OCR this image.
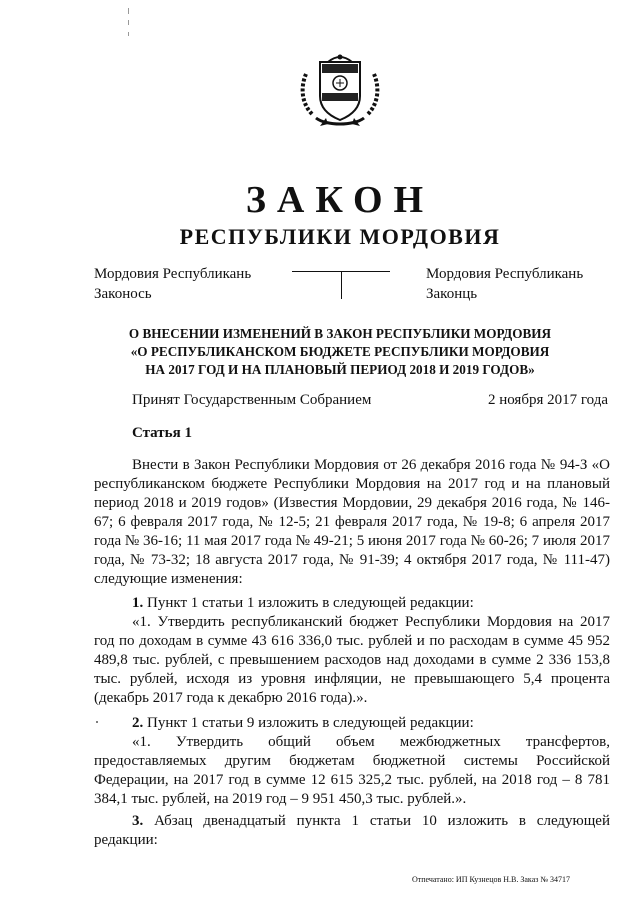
ЗАКОН
РЕСПУБЛИКИ МОРДОВИЯ
Мордовия Республикань
Законось
Мордовия Республикань
Законць
О ВНЕСЕНИИ ИЗМЕНЕНИЙ В ЗАКОН РЕСПУБЛИКИ МОРДОВИЯ
«О РЕСПУБЛИКАНСКОМ БЮДЖЕТЕ РЕСПУБЛИКИ МОРДОВИЯ
НА 2017 ГОД И НА ПЛАНОВЫЙ ПЕРИОД 2018 И 2019 ГОДОВ»
Принят Государственным Собранием	2 ноября 2017 года
Статья 1
Внести в Закон Республики Мордовия от 26 декабря 2016 года № 94-З «О республиканском бюджете Республики Мордовия на 2017 год и на плановый период 2018 и 2019 годов» (Известия Мордовии, 29 декабря 2016 года, № 146-67; 6 февраля 2017 года, № 12-5; 21 февраля 2017 года, № 19-8; 6 апреля 2017 года № 36-16; 11 мая 2017 года № 49-21; 5 июня 2017 года № 60-26; 7 июля 2017 года, № 73-32; 18 августа 2017 года, № 91-39; 4 октября 2017 года, № 111-47) следующие изменения:
1. Пункт 1 статьи 1 изложить в следующей редакции:
«1. Утвердить республиканский бюджет Республики Мордовия на 2017 год по доходам в сумме 43 616 336,0 тыс. рублей и по расходам в сумме 45 952 489,8 тыс. рублей, с превышением расходов над доходами в сумме 2 336 153,8 тыс. рублей, исходя из уровня инфляции, не превышающего 5,4 процента (декабрь 2017 года к декабрю 2016 года).».
2. Пункт 1 статьи 9 изложить в следующей редакции:
«1. Утвердить общий объем межбюджетных трансфертов, предоставляемых другим бюджетам бюджетной системы Российской Федерации, на 2017 год в сумме 12 615 325,2 тыс. рублей, на 2018 год – 8 781 384,1 тыс. рублей, на 2019 год – 9 951 450,3 тыс. рублей.».
3. Абзац двенадцатый пункта 1 статьи 10 изложить в следующей редакции:
Отпечатано: ИП Кузнецов Н.В. Заказ № 34717
